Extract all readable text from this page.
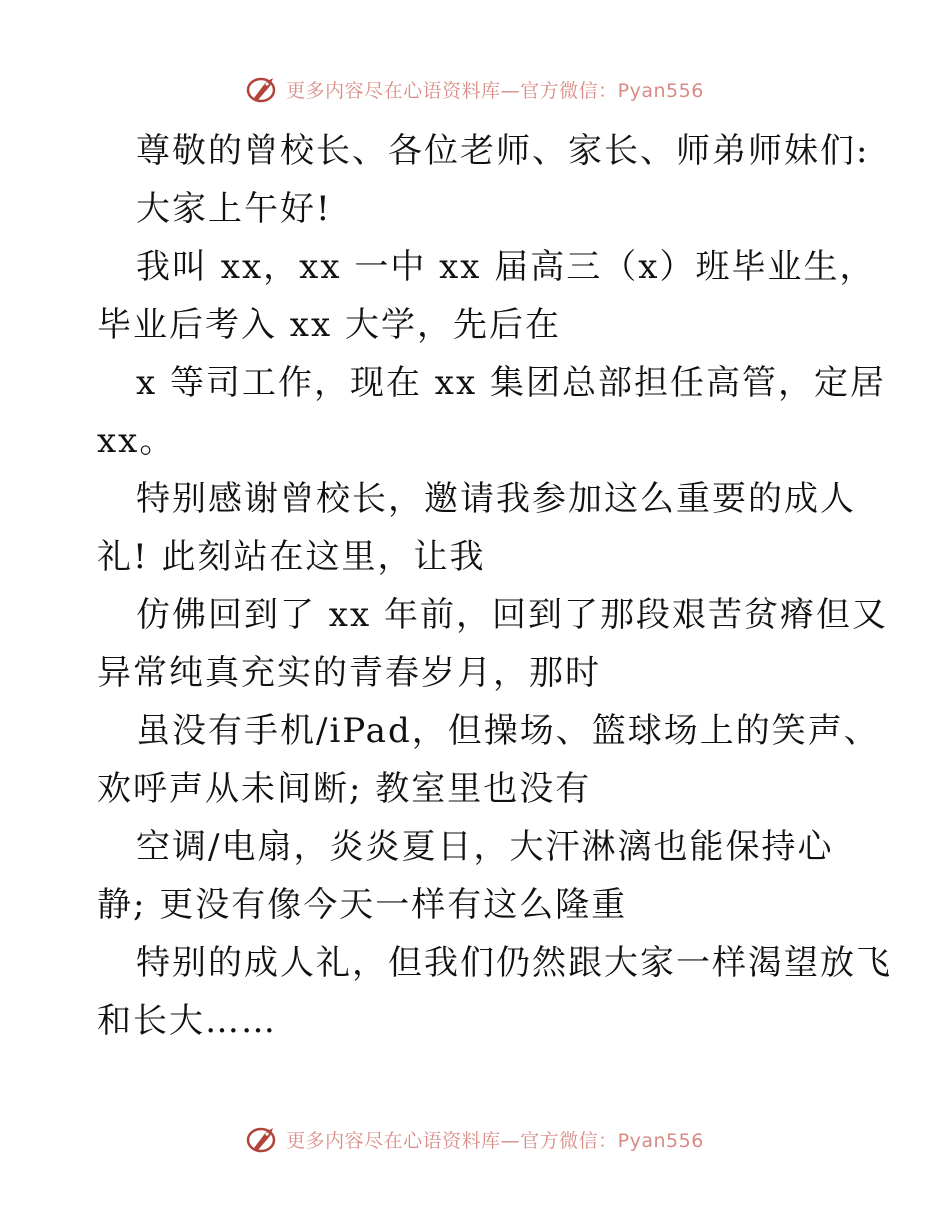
更多内容尽在心语资料库—官方微信：Pyan556
尊敬的曾校长、各位老师、家长、师弟师妹们:
大家上午好!
我叫 xx，xx 一中 xx 届高三（x）班毕业生，
毕业后考入 xx 大学，先后在
x 等司工作，现在 xx 集团总部担任高管，定居
xx。
特别感谢曾校长，邀请我参加这么重要的成人
礼! 此刻站在这里，让我
仿佛回到了 xx 年前，回到了那段艰苦贫瘠但又
异常纯真充实的青春岁月，那时
虽没有手机/iPad，但操场、篮球场上的笑声、
欢呼声从未间断; 教室里也没有
空调/电扇，炎炎夏日，大汗淋漓也能保持心
静; 更没有像今天一样有这么隆重
特别的成人礼，但我们仍然跟大家一样渴望放飞
和长大……
更多内容尽在心语资料库—官方微信：Pyan556
